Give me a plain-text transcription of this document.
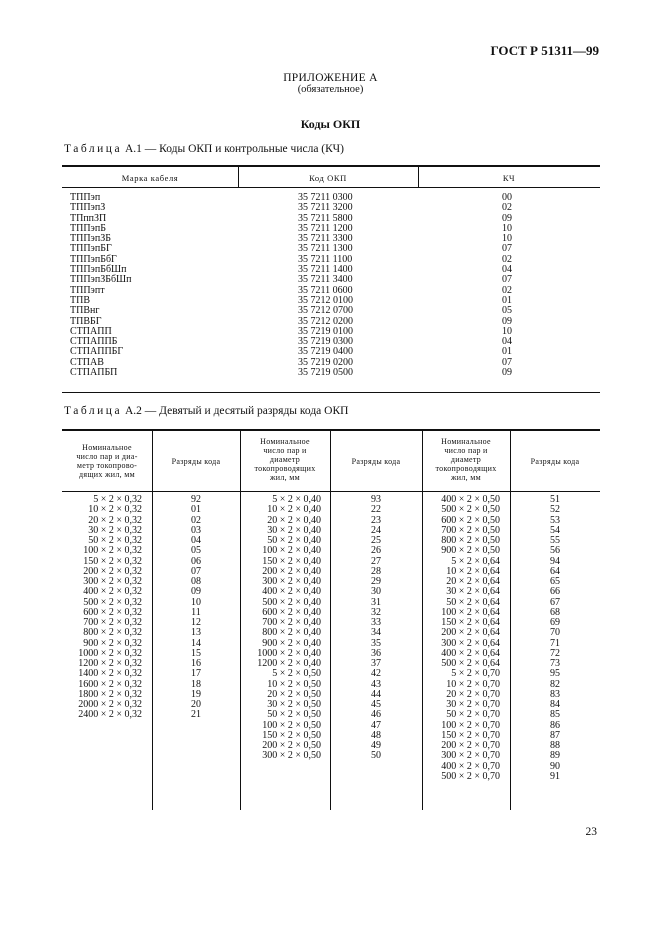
ГОСТ Р 51311—99
ПРИЛОЖЕНИЕ А
(обязательное)
Коды ОКП
Таблица А.1 — Коды ОКП и контрольные числа (КЧ)
Марка кабеля	Код ОКП	КЧ
ТППэп
ТППэпЗ
ТПппЗП
ТППэпБ
ТППэпЗБ
ТППэпБГ
ТППэпБбГ
ТППэпБбШп
ТППэпЗБбШп
ТППэпт
ТПВ
ТПВнг
ТПВБГ
СТПАПП
СТПАППБ
СТПАППБГ
СТПАВ
СТПАПБП
35 7211 0300
35 7211 3200
35 7211 5800
35 7211 1200
35 7211 3300
35 7211 1300
35 7211 1100
35 7211 1400
35 7211 3400
35 7211 0600
35 7212 0100
35 7212 0700
35 7212 0200
35 7219 0100
35 7219 0300
35 7219 0400
35 7219 0200
35 7219 0500
00
02
09
10
10
07
02
04
07
02
01
05
09
10
04
01
07
09
Таблица А.2 — Девятый и десятый разряды кода ОКП
Номинальное
число пар и диа-
метр токопрово-
дящих жил, мм
Разряды кода
Номинальное
число пар и
диаметр
токопроводящих
жил, мм
Разряды кода
Номинальное
число пар и
диаметр
токопроводящих
жил, мм
Разряды кода
5 × 2 × 0,32
10 × 2 × 0,32
20 × 2 × 0,32
30 × 2 × 0,32
50 × 2 × 0,32
100 × 2 × 0,32
150 × 2 × 0,32
200 × 2 × 0,32
300 × 2 × 0,32
400 × 2 × 0,32
500 × 2 × 0,32
600 × 2 × 0,32
700 × 2 × 0,32
800 × 2 × 0,32
900 × 2 × 0,32
1000 × 2 × 0,32
1200 × 2 × 0,32
1400 × 2 × 0,32
1600 × 2 × 0,32
1800 × 2 × 0,32
2000 × 2 × 0,32
2400 × 2 × 0,32
92
01
02
03
04
05
06
07
08
09
10
11
12
13
14
15
16
17
18
19
20
21
5 × 2 × 0,40
10 × 2 × 0,40
20 × 2 × 0,40
30 × 2 × 0,40
50 × 2 × 0,40
100 × 2 × 0,40
150 × 2 × 0,40
200 × 2 × 0,40
300 × 2 × 0,40
400 × 2 × 0,40
500 × 2 × 0,40
600 × 2 × 0,40
700 × 2 × 0,40
800 × 2 × 0,40
900 × 2 × 0,40
1000 × 2 × 0,40
1200 × 2 × 0,40
5 × 2 × 0,50
10 × 2 × 0,50
20 × 2 × 0,50
30 × 2 × 0,50
50 × 2 × 0,50
100 × 2 × 0,50
150 × 2 × 0,50
200 × 2 × 0,50
300 × 2 × 0,50
93
22
23
24
25
26
27
28
29
30
31
32
33
34
35
36
37
42
43
44
45
46
47
48
49
50
400 × 2 × 0,50
500 × 2 × 0,50
600 × 2 × 0,50
700 × 2 × 0,50
800 × 2 × 0,50
900 × 2 × 0,50
5 × 2 × 0,64
10 × 2 × 0,64
20 × 2 × 0,64
30 × 2 × 0,64
50 × 2 × 0,64
100 × 2 × 0,64
150 × 2 × 0,64
200 × 2 × 0,64
300 × 2 × 0,64
400 × 2 × 0,64
500 × 2 × 0,64
5 × 2 × 0,70
10 × 2 × 0,70
20 × 2 × 0,70
30 × 2 × 0,70
50 × 2 × 0,70
100 × 2 × 0,70
150 × 2 × 0,70
200 × 2 × 0,70
300 × 2 × 0,70
400 × 2 × 0,70
500 × 2 × 0,70
51
52
53
54
55
56
94
64
65
66
67
68
69
70
71
72
73
95
82
83
84
85
86
87
88
89
90
91
23
